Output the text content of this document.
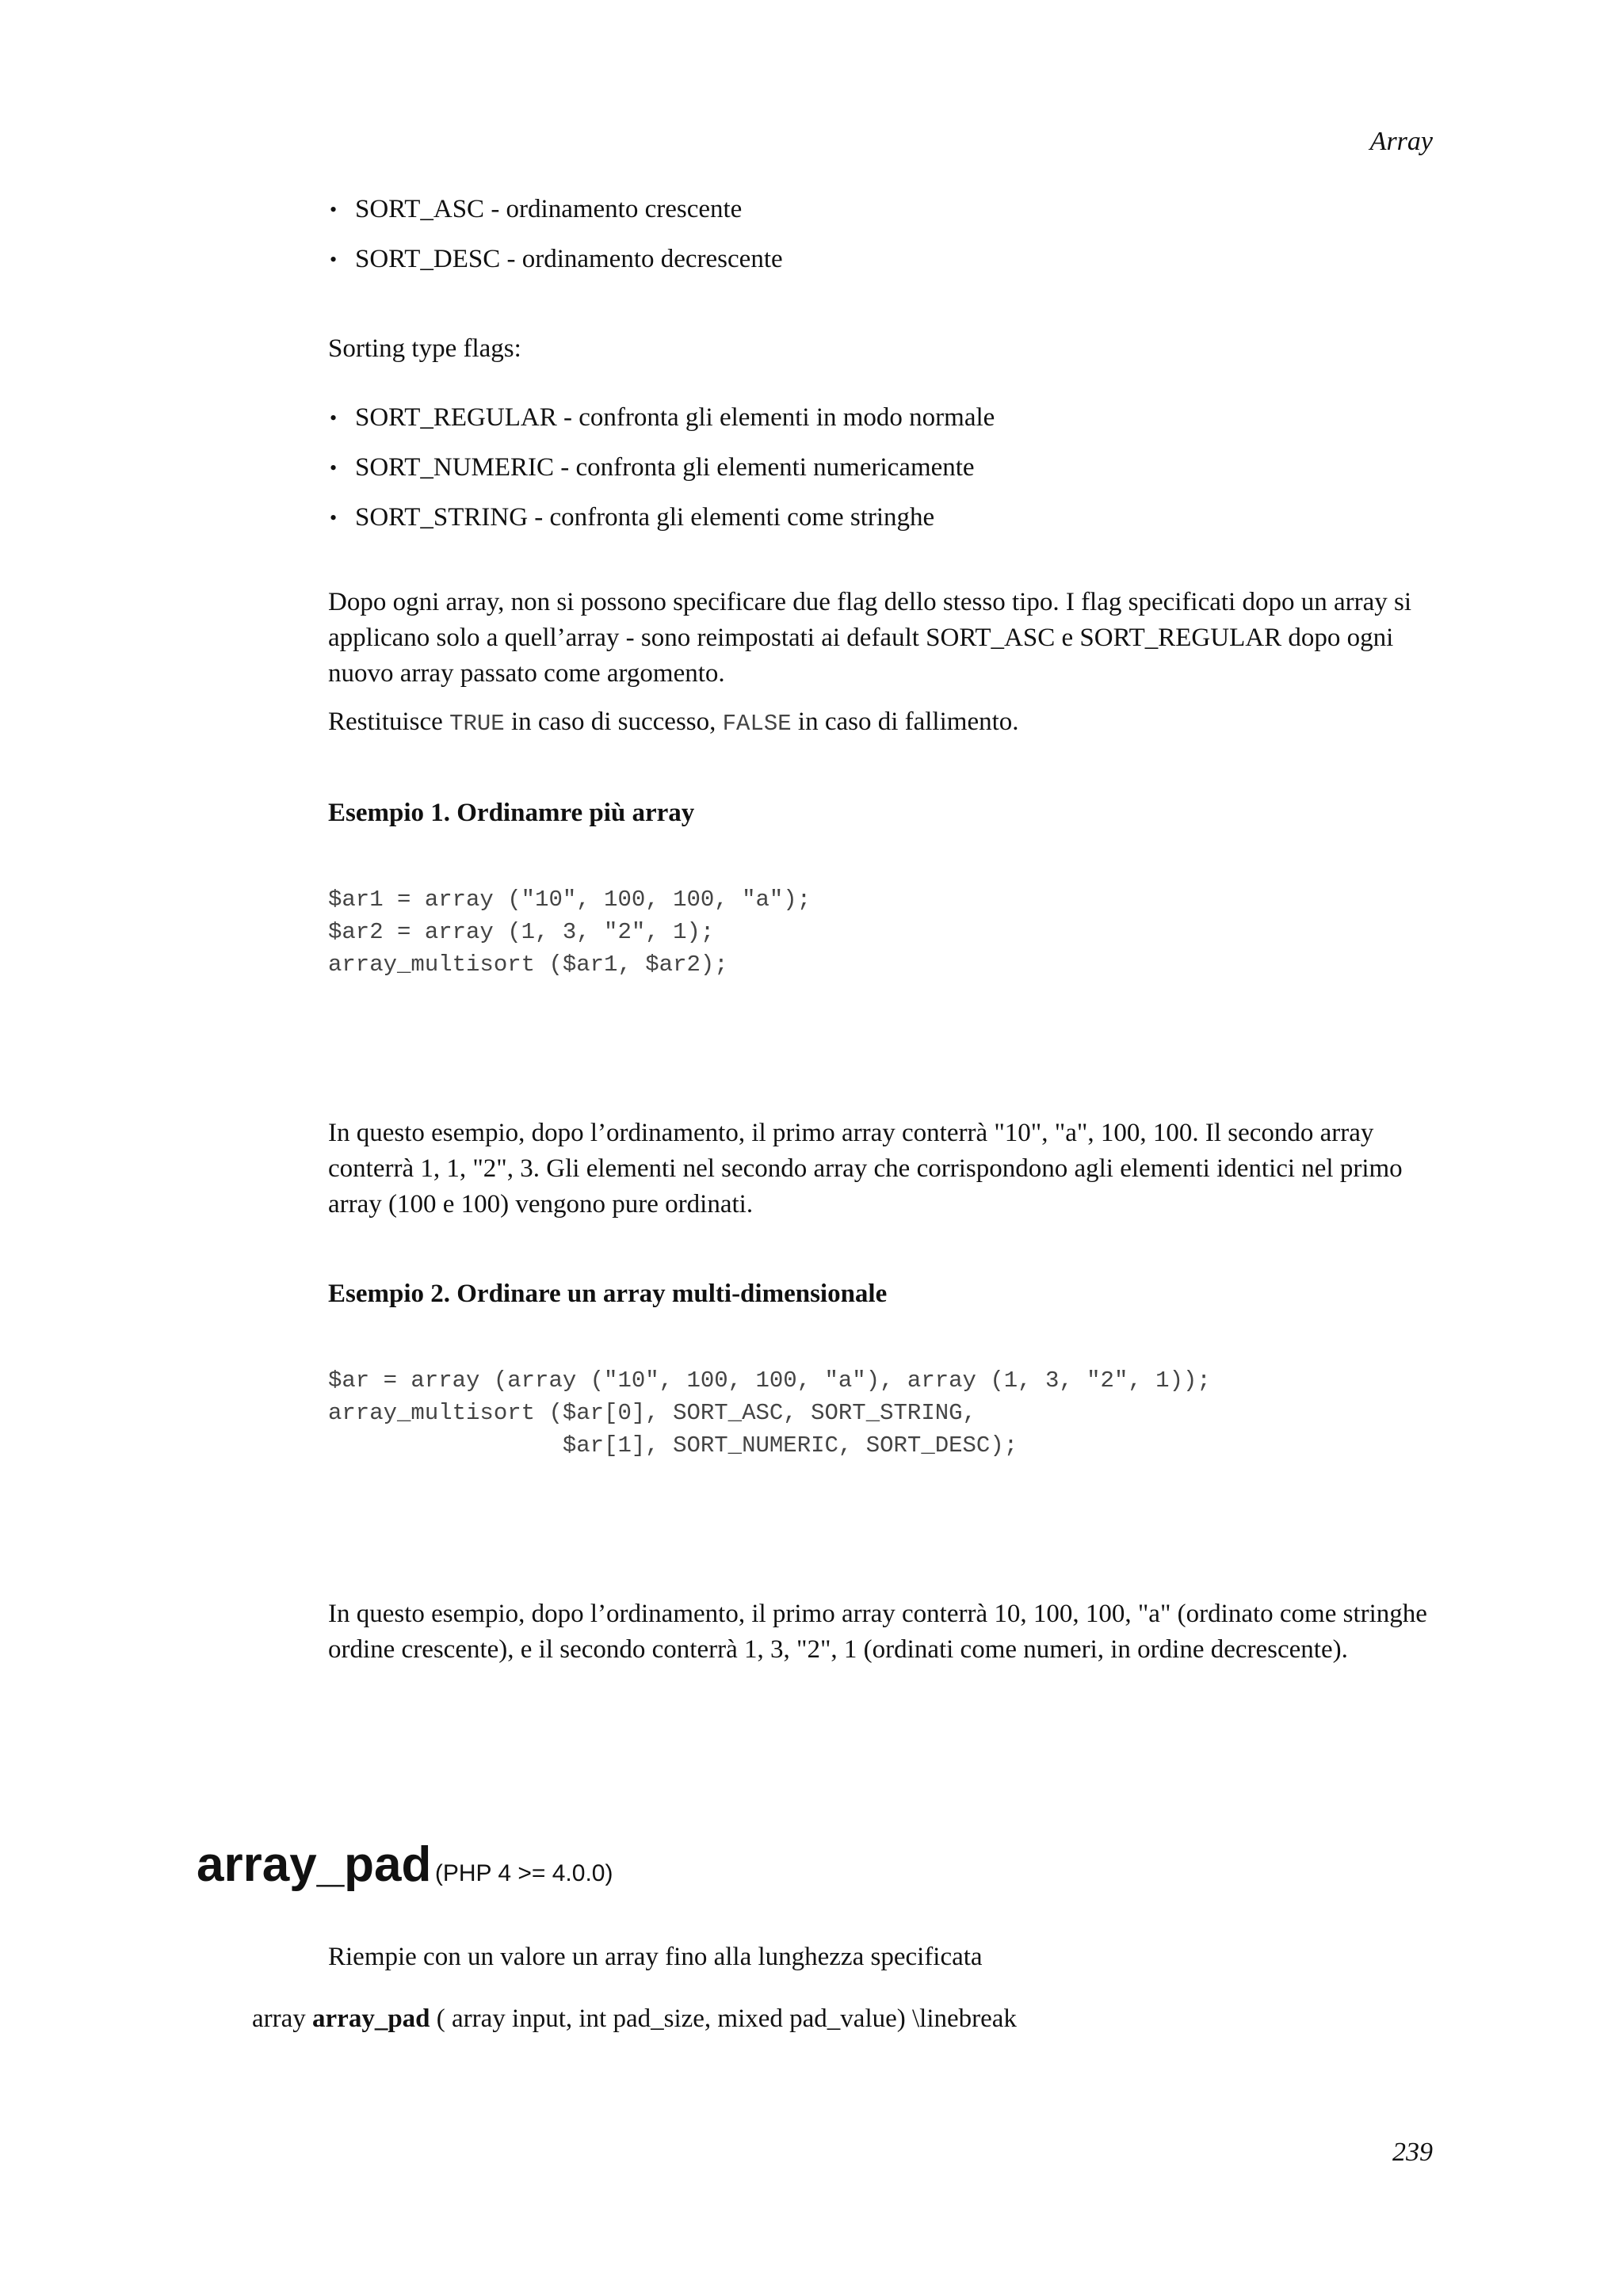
Array
• SORT_ASC - ordinamento crescente
• SORT_DESC - ordinamento decrescente

Sorting type flags:

• SORT_REGULAR - confronta gli elementi in modo normale
• SORT_NUMERIC - confronta gli elementi numericamente
• SORT_STRING - confronta gli elementi come stringhe

Dopo ogni array, non si possono specificare due flag dello stesso tipo. I flag specificati dopo un array si applicano solo a quell’array - sono reimpostati ai default SORT_ASC e SORT_REGULAR dopo ogni nuovo array passato come argomento.

Restituisce TRUE in caso di successo, FALSE in caso di fallimento.

Esempio 1. Ordinamre più array

$ar1 = array ("10", 100, 100, "a");
$ar2 = array (1, 3, "2", 1);
array_multisort ($ar1, $ar2);

In questo esempio, dopo l’ordinamento, il primo array conterrà "10", "a", 100, 100. Il secondo array conterrà 1, 1, "2", 3. Gli elementi nel secondo array che corrispondono agli elementi identici nel primo array (100 e 100) vengono pure ordinati.

Esempio 2. Ordinare un array multi-dimensionale

$ar = array (array ("10", 100, 100, "a"), array (1, 3, "2", 1));
array_multisort ($ar[0], SORT_ASC, SORT_STRING,
$ar[1], SORT_NUMERIC, SORT_DESC);

In questo esempio, dopo l’ordinamento, il primo array conterrà 10, 100, 100, "a" (ordinato come stringhe ordine crescente), e il secondo conterrà 1, 3, "2", 1 (ordinati come numeri, in ordine decrescente).

array_pad (PHP 4 >= 4.0.0)
Riempie con un valore un array fino alla lunghezza specificata
array array_pad ( array input, int pad_size, mixed pad_value) \linebreak
239
